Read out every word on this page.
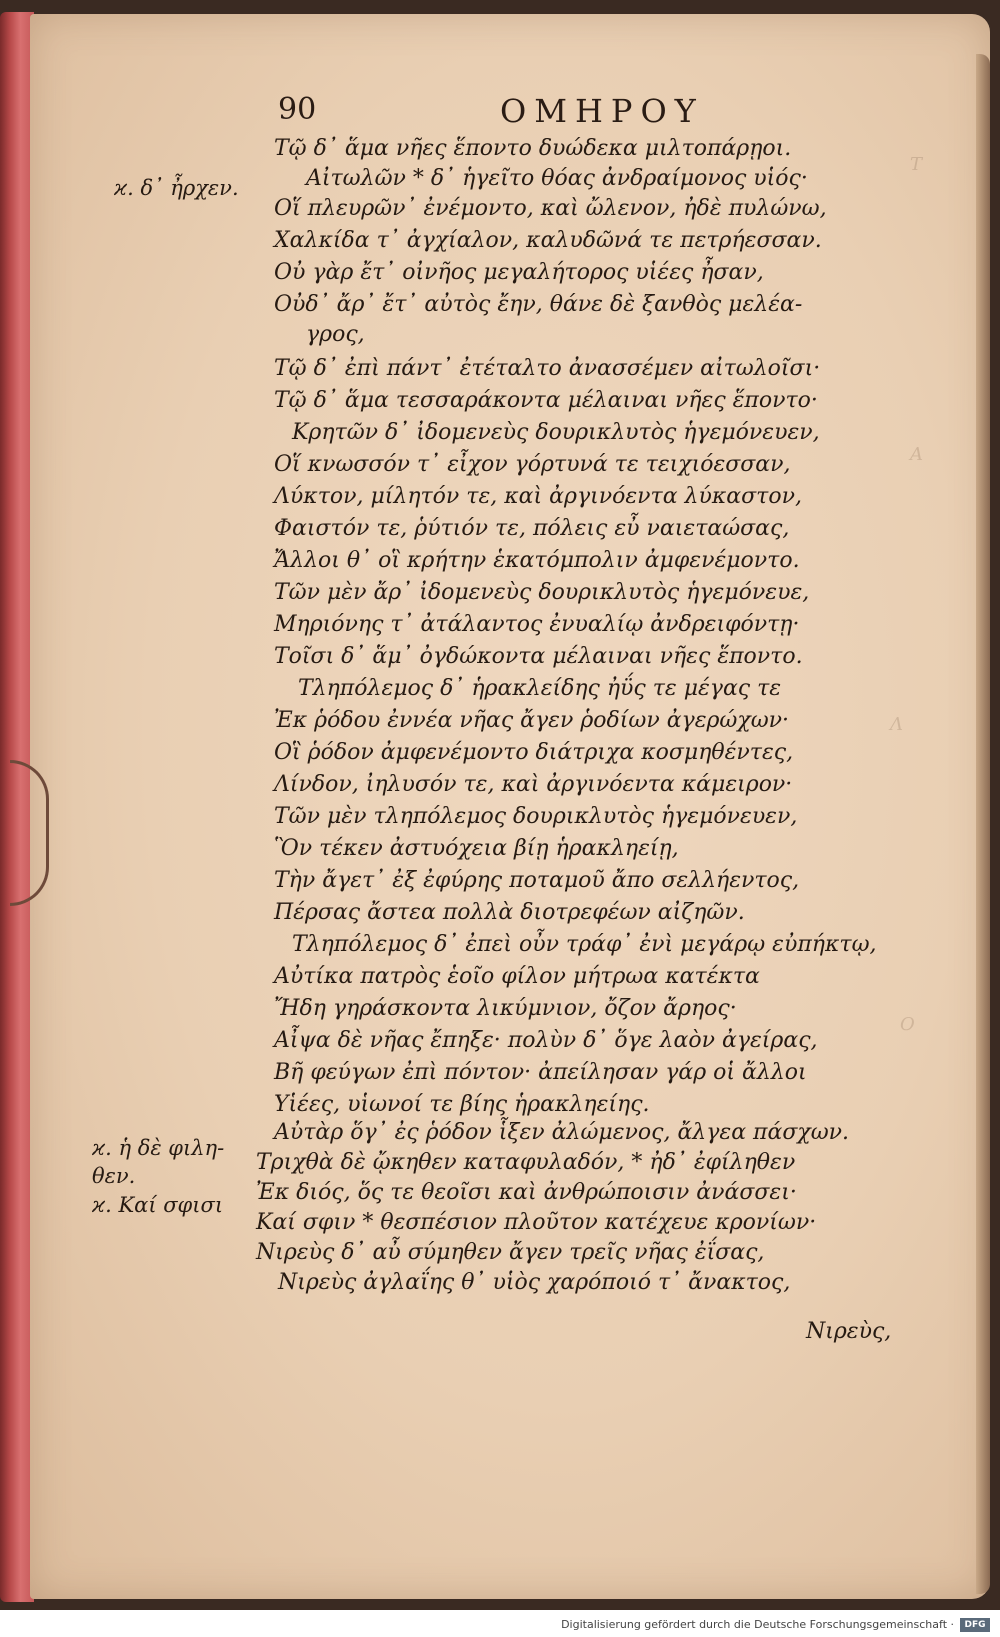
90	ΟΜΗΡΟΥ
Τ
Α
Λ
Ο
ϰ. δ᾽ ἦρχεν.
ϰ. ἡ δὲ φιλη-
θεν.
ϰ. Καί σφισι
Τῷ δ᾽ ἅμα νῆες ἕποντο δυώδεκα μιλτοπάρῃοι.
Αἰτωλῶν * δ᾽ ἡγεῖτο θόας ἀνδραίμονος υἱός·
Οἵ πλευρῶν᾽ ἐνέμοντο, καὶ ὤλενον, ἠδὲ πυλώνω,
Χαλκίδα τ᾽ ἀγχίαλον, καλυδῶνά τε πετρήεσσαν.
Οὐ γὰρ ἔτ᾽ οἰνῆος μεγαλήτορος υἱέες ἦσαν,
Οὐδ᾽ ἄρ᾽ ἔτ᾽ αὐτὸς ἔην, θάνε δὲ ξανθὸς μελέα-
γρος,
Τῷ δ᾽ ἐπὶ πάντ᾽ ἐτέταλτο ἀνασσέμεν αἰτωλοῖσι·
Τῷ δ᾽ ἅμα τεσσαράκοντα μέλαιναι νῆες ἕποντο·
Κρητῶν δ᾽ ἰδομενεὺς δουρικλυτὸς ἡγεμόνευεν,
Οἵ κνωσσόν τ᾽ εἶχον γόρτυνά τε τειχιόεσσαν,
Λύκτον, μίλητόν τε, καὶ ἀργινόεντα λύκαστον,
Φαιστόν τε, ῥύτιόν τε, πόλεις εὖ ναιεταώσας,
Ἄλλοι θ᾽ οἳ κρήτην ἑκατόμπολιν ἀμφενέμοντο.
Τῶν μὲν ἄρ᾽ ἰδομενεὺς δουρικλυτὸς ἡγεμόνευε,
Μηριόνης τ᾽ ἀτάλαντος ἐνυαλίῳ ἀνδρειφόντῃ·
Τοῖσι δ᾽ ἅμ᾽ ὀγδώκοντα μέλαιναι νῆες ἕποντο.
Τληπόλεμος δ᾽ ἡρακλείδης ἠΰς τε μέγας τε
Ἐκ ῥόδου ἐννέα νῆας ἄγεν ῥοδίων ἀγερώχων·
Οἳ ῥόδον ἀμφενέμοντο διάτριχα κοσμηθέντες,
Λίνδον, ἰηλυσόν τε, καὶ ἀργινόεντα κάμειρον·
Τῶν μὲν τληπόλεμος δουρικλυτὸς ἡγεμόνευεν,
Ὃν τέκεν ἀστυόχεια βίῃ ἡρακληείῃ,
Τὴν ἄγετ᾽ ἐξ ἐφύρης ποταμοῦ ἄπο σελλήεντος,
Πέρσας ἄστεα πολλὰ διοτρεφέων αἰζηῶν.
Τληπόλεμος δ᾽ ἐπεὶ οὖν τράφ᾽ ἐνὶ μεγάρῳ εὐπήκτῳ,
Αὐτίκα πατρὸς ἑοῖο φίλον μήτρωα κατέκτα
Ἤδη γηράσκοντα λικύμνιον, ὄζον ἄρηος·
Αἶψα δὲ νῆας ἔπηξε· πολὺν δ᾽ ὅγε λαὸν ἀγείρας,
Βῆ φεύγων ἐπὶ πόντον· ἀπείλησαν γάρ οἱ ἄλλοι
Υἱέες, υἱωνοί τε βίης ἡρακληείης.
Αὐτὰρ ὅγ᾽ ἐς ῥόδον ἷξεν ἀλώμενος, ἄλγεα πάσχων.
Τριχθὰ δὲ ᾤκηθεν καταφυλαδόν, * ἠδ᾽ ἐφίληθεν
Ἐκ διός, ὅς τε θεοῖσι καὶ ἀνθρώποισιν ἀνάσσει·
Καί σφιν * θεσπέσιον πλοῦτον κατέχευε κρονίων·
Νιρεὺς δ᾽ αὖ σύμηθεν ἄγεν τρεῖς νῆας ἐΐσας,
Νιρεὺς ἀγλαΐης θ᾽ υἱὸς χαρόποιό τ᾽ ἄνακτος,
Νιρεὺς,
Digitalisierung gefördert durch die Deutsche Forschungsgemeinschaft ·	DFG
